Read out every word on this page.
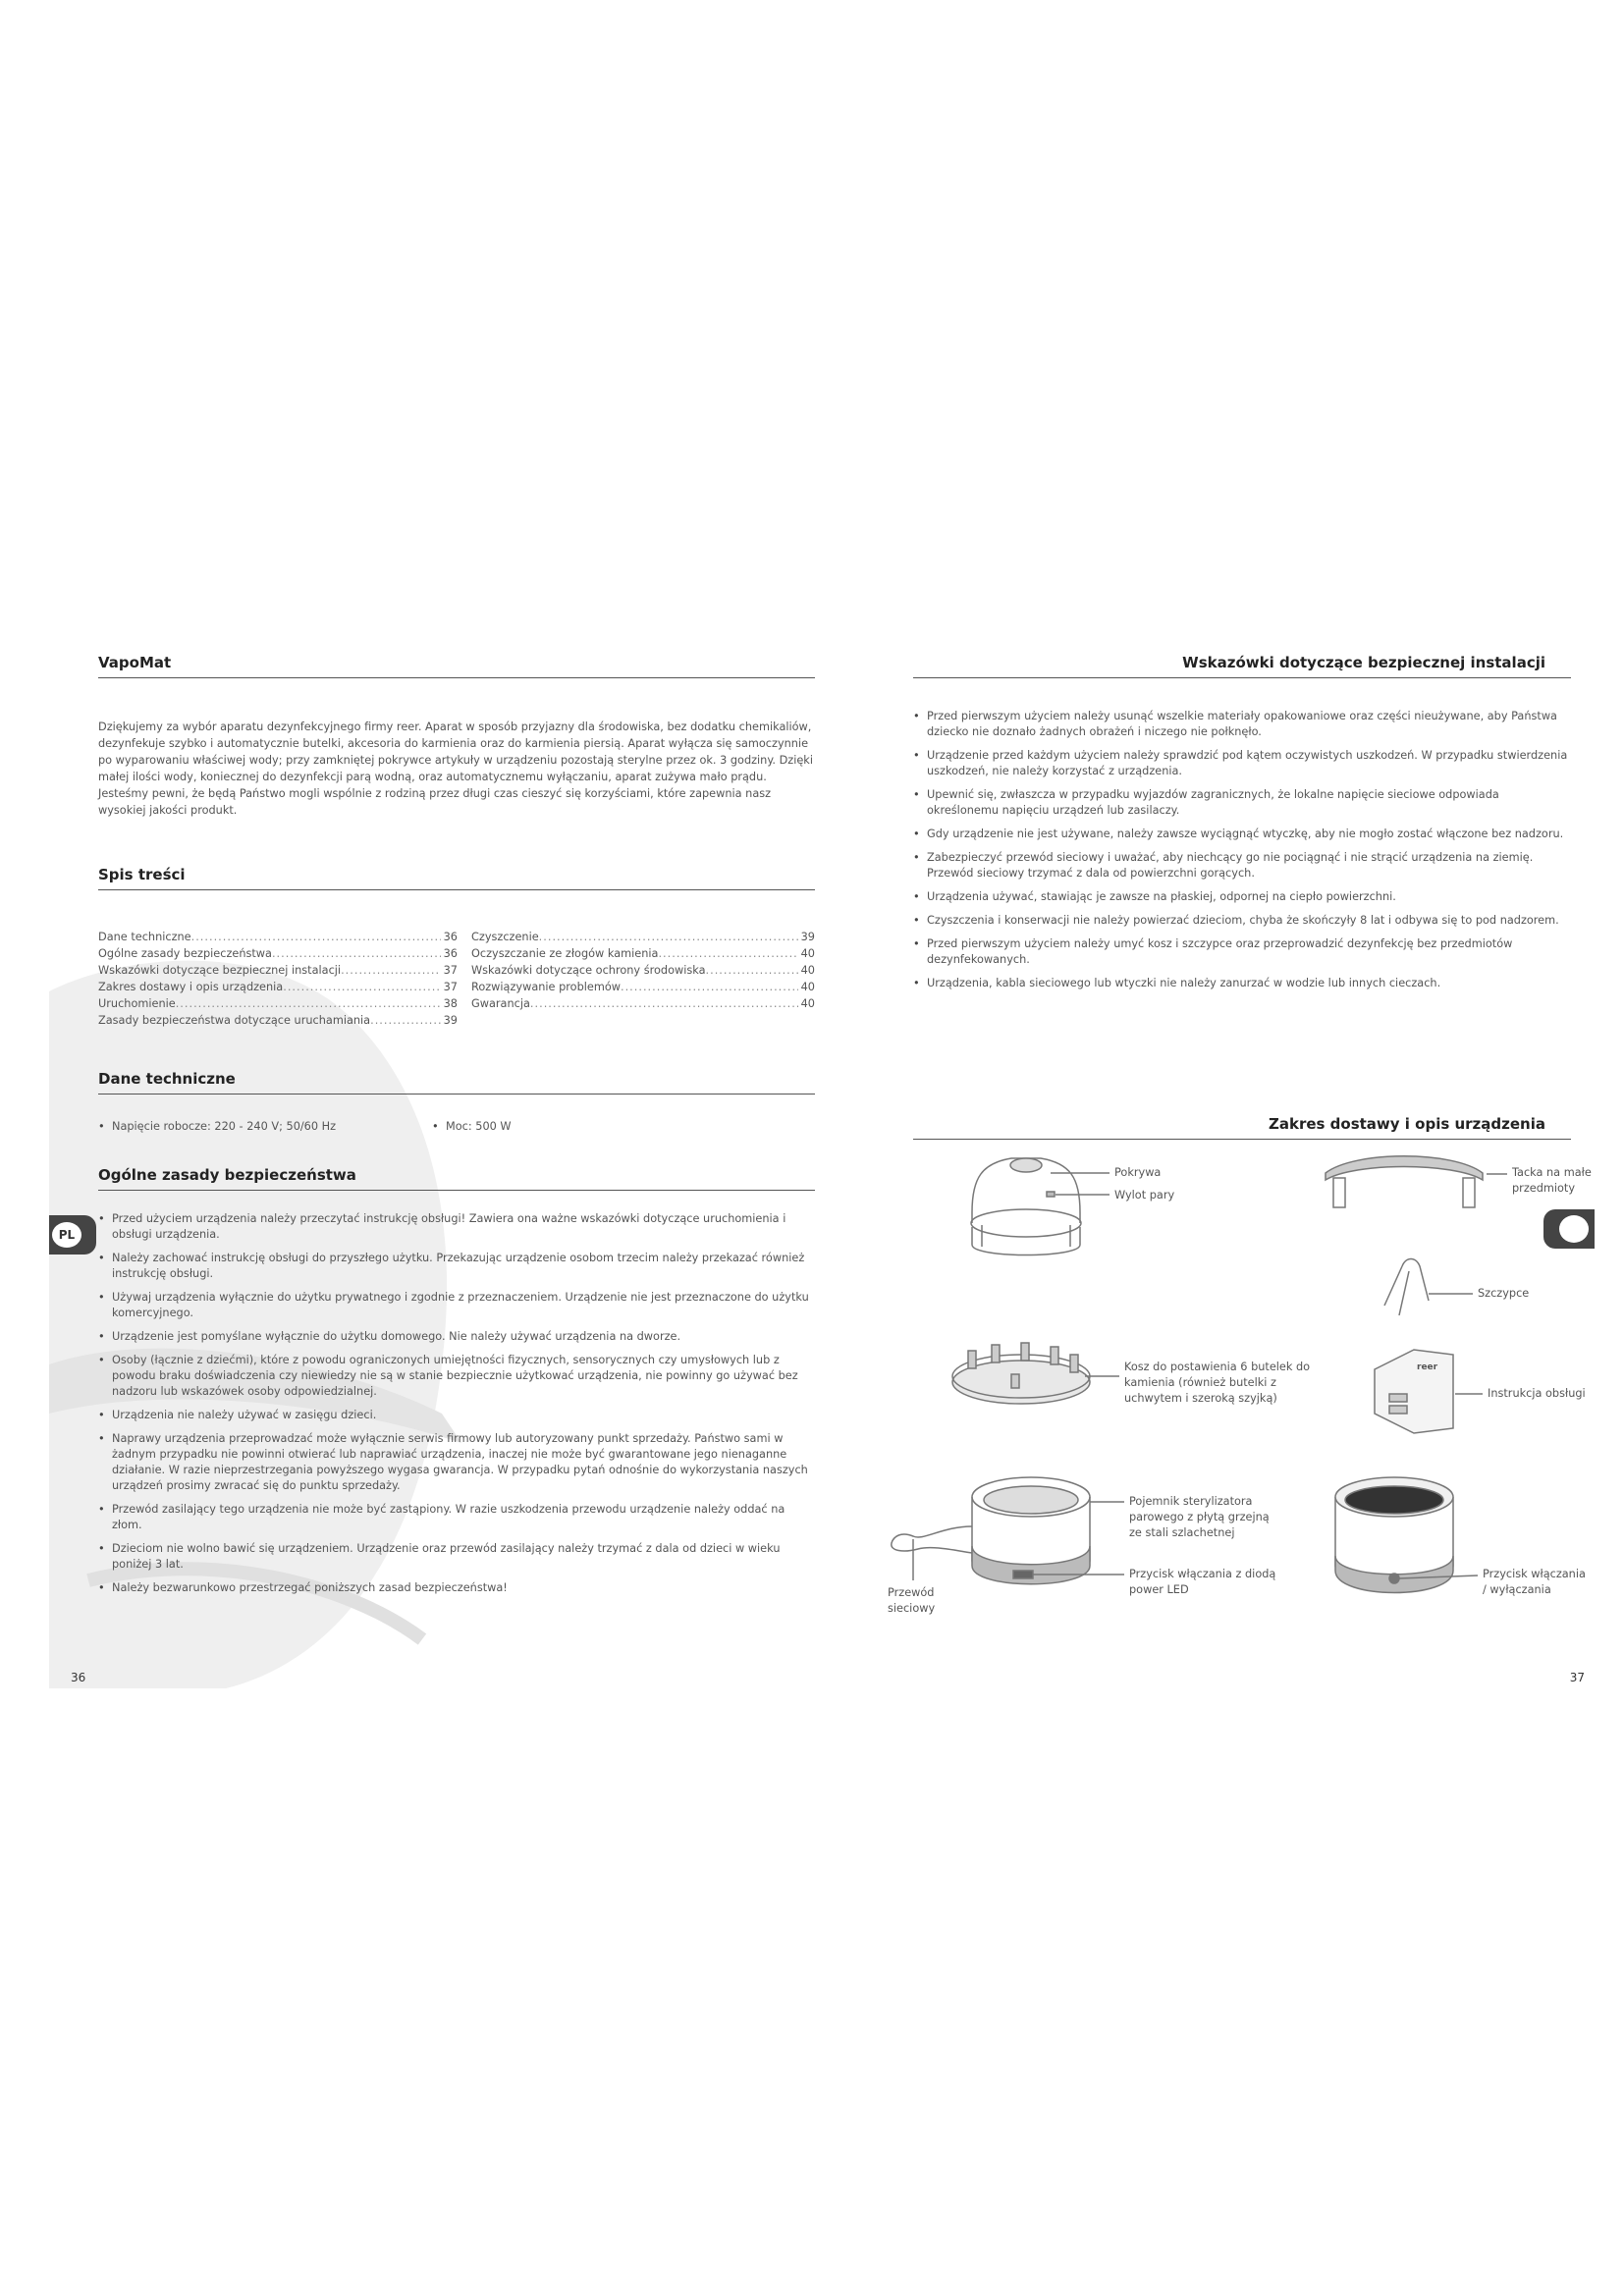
VapoMat
Dziękujemy za wybór aparatu dezynfekcyjnego firmy reer. Aparat w sposób przyjazny dla środowiska, bez dodatku chemikaliów, dezynfekuje szybko i automatycznie butelki, akcesoria do karmienia oraz do karmienia piersią. Aparat wyłącza się samoczynnie po wyparowaniu właściwej wody; przy zamkniętej pokrywce artykuły w urządzeniu pozostają sterylne przez ok. 3 godziny. Dzięki małej ilości wody, koniecznej do dezynfekcji parą wodną, oraz automatycznemu wyłączaniu, aparat zużywa mało prądu. Jesteśmy pewni, że będą Państwo mogli wspólnie z rodziną przez długi czas cieszyć się korzyściami, które zapewnia nasz wysokiej jakości produkt.
Spis treści
Dane techniczne .....	36
Ogólne zasady bezpieczeństwa .....	36
Wskazówki dotyczące bezpiecznej instalacji .....	37
Zakres dostawy i opis urządzenia .....	37
Uruchomienie .....	38
Zasady bezpieczeństwa dotyczące uruchamiania .....	39
Czyszczenie .....	39
Oczyszczanie ze złogów kamienia .....	40
Wskazówki dotyczące ochrony środowiska .....	40
Rozwiązywanie problemów .....	40
Gwarancja .....	40
Dane techniczne
• Napięcie robocze: 220 - 240 V; 50/60 Hz	• Moc: 500 W
Ogólne zasady bezpieczeństwa
PL
• Przed użyciem urządzenia należy przeczytać instrukcję obsługi! Zawiera ona ważne wskazówki dotyczące uruchomienia i obsługi urządzenia.
• Należy zachować instrukcję obsługi do przyszłego użytku. Przekazując urządzenie osobom trzecim należy przekazać również instrukcję obsługi.
• Używaj urządzenia wyłącznie do użytku prywatnego i zgodnie z przeznaczeniem. Urządzenie nie jest przeznaczone do użytku komercyjnego.
• Urządzenie jest pomyślane wyłącznie do użytku domowego. Nie należy używać urządzenia na dworze.
• Osoby (łącznie z dziećmi), które z powodu ograniczonych umiejętności fizycznych, sensorycznych czy umysłowych lub z powodu braku doświadczenia czy niewiedzy nie są w stanie bezpiecznie użytkować urządzenia, nie powinny go używać bez nadzoru lub wskazówek osoby odpowiedzialnej.
• Urządzenia nie należy używać w zasięgu dzieci.
• Naprawy urządzenia przeprowadzać może wyłącznie serwis firmowy lub autoryzowany punkt sprzedaży. Państwo sami w żadnym przypadku nie powinni otwierać lub naprawiać urządzenia, inaczej nie może być gwarantowane jego nienaganne działanie. W razie nieprzestrzegania powyższego wygasa gwarancja. W przypadku pytań odnośnie do wykorzystania naszych urządzeń prosimy zwracać się do punktu sprzedaży.
• Przewód zasilający tego urządzenia nie może być zastąpiony. W razie uszkodzenia przewodu urządzenie należy oddać na złom.
• Dzieciom nie wolno bawić się urządzeniem. Urządzenie oraz przewód zasilający należy trzymać z dala od dzieci w wieku poniżej 3 lat.
• Należy bezwarunkowo przestrzegać poniższych zasad bezpieczeństwa!
36
Wskazówki dotyczące bezpiecznej instalacji
• Przed pierwszym użyciem należy usunąć wszelkie materiały opakowaniowe oraz części nieużywane, aby Państwa dziecko nie doznało żadnych obrażeń i niczego nie połknęło.
• Urządzenie przed każdym użyciem należy sprawdzić pod kątem oczywistych uszkodzeń. W przypadku stwierdzenia uszkodzeń, nie należy korzystać z urządzenia.
• Upewnić się, zwłaszcza w przypadku wyjazdów zagranicznych, że lokalne napięcie sieciowe odpowiada określonemu napięciu urządzeń lub zasilaczy.
• Gdy urządzenie nie jest używane, należy zawsze wyciągnąć wtyczkę, aby nie mogło zostać włączone bez nadzoru.
• Zabezpieczyć przewód sieciowy i uważać, aby niechcący go nie pociągnąć i nie strącić urządzenia na ziemię. Przewód sieciowy trzymać z dala od powierzchni gorących.
• Urządzenia używać, stawiając je zawsze na płaskiej, odpornej na ciepło powierzchni.
• Czyszczenia i konserwacji nie należy powierzać dzieciom, chyba że skończyły 8 lat i odbywa się to pod nadzorem.
• Przed pierwszym użyciem należy umyć kosz i szczypce oraz przeprowadzić dezynfekcję bez przedmiotów dezynfekowanych.
• Urządzenia, kabla sieciowego lub wtyczki nie należy zanurzać w wodzie lub innych cieczach.
Zakres dostawy i opis urządzenia
Pokrywa
Wylot pary
Tacka na małe przedmioty
Szczypce
Kosz do postawienia 6 butelek do kamienia (również butelki z uchwytem i szeroką szyjką)
reer
Instrukcja obsługi
Pojemnik sterylizatora parowego z płytą grzejną ze stali szlachetnej
Przycisk włączania z diodą power LED
Przewód sieciowy
Przycisk włączania / wyłączania
37
